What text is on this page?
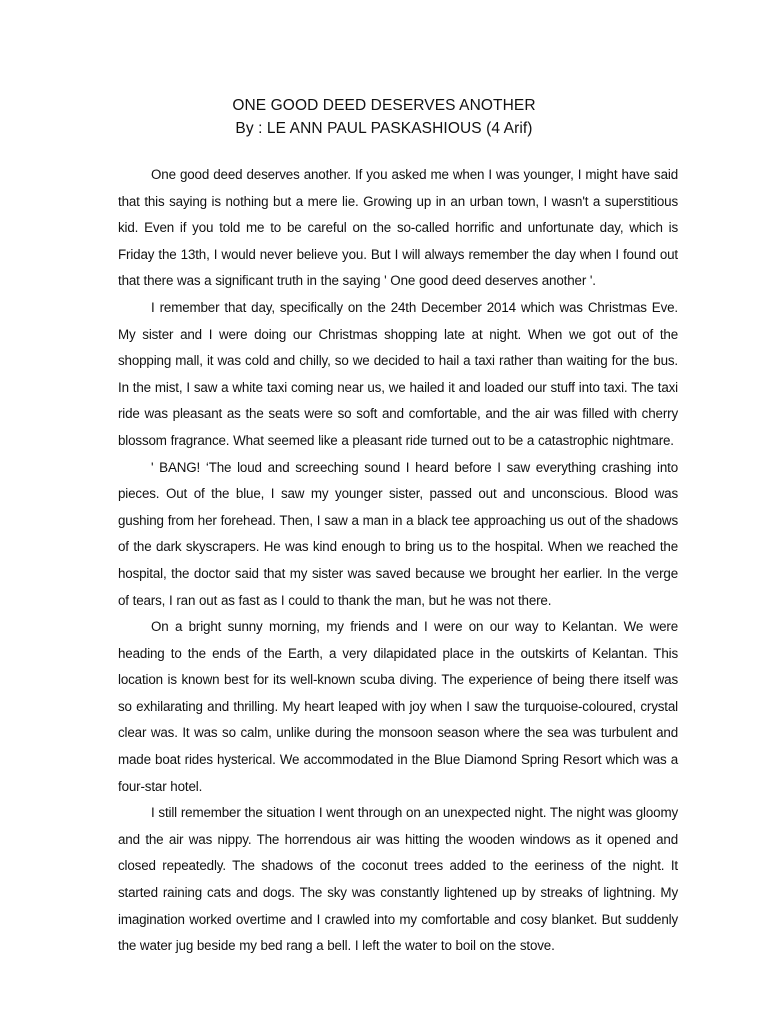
ONE GOOD DEED DESERVES ANOTHER
By : LE ANN PAUL PASKASHIOUS (4 Arif)

One good deed deserves another. If you asked me when I was younger, I might have said that this saying is nothing but a mere lie. Growing up in an urban town, I wasn't a superstitious kid. Even if you told me to be careful on the so-called horrific and unfortunate day, which is Friday the 13th, I would never believe you. But I will always remember the day when I found out that there was a significant truth in the saying ' One good deed deserves another '.

I remember that day, specifically on the 24th December 2014 which was Christmas Eve. My sister and I were doing our Christmas shopping late at night. When we got out of the shopping mall, it was cold and chilly, so we decided to hail a taxi rather than waiting for the bus. In the mist, I saw a white taxi coming near us, we hailed it and loaded our stuff into taxi. The taxi ride was pleasant as the seats were so soft and comfortable, and the air was filled with cherry blossom fragrance. What seemed like a pleasant ride turned out to be a catastrophic nightmare.

' BANG! ‘The loud and screeching sound I heard before I saw everything crashing into pieces. Out of the blue, I saw my younger sister, passed out and unconscious. Blood was gushing from her forehead. Then, I saw a man in a black tee approaching us out of the shadows of the dark skyscrapers. He was kind enough to bring us to the hospital. When we reached the hospital, the doctor said that my sister was saved because we brought her earlier. In the verge of tears, I ran out as fast as I could to thank the man, but he was not there.

On a bright sunny morning, my friends and I were on our way to Kelantan. We were heading to the ends of the Earth, a very dilapidated place in the outskirts of Kelantan. This location is known best for its well-known scuba diving. The experience of being there itself was so exhilarating and thrilling. My heart leaped with joy when I saw the turquoise-coloured, crystal clear was. It was so calm, unlike during the monsoon season where the sea was turbulent and made boat rides hysterical. We accommodated in the Blue Diamond Spring Resort which was a four-star hotel.

I still remember the situation I went through on an unexpected night. The night was gloomy and the air was nippy. The horrendous air was hitting the wooden windows as it opened and closed repeatedly. The shadows of the coconut trees added to the eeriness of the night. It started raining cats and dogs. The sky was constantly lightened up by streaks of lightning. My imagination worked overtime and I crawled into my comfortable and cosy blanket. But suddenly the water jug beside my bed rang a bell. I left the water to boil on the stove.
